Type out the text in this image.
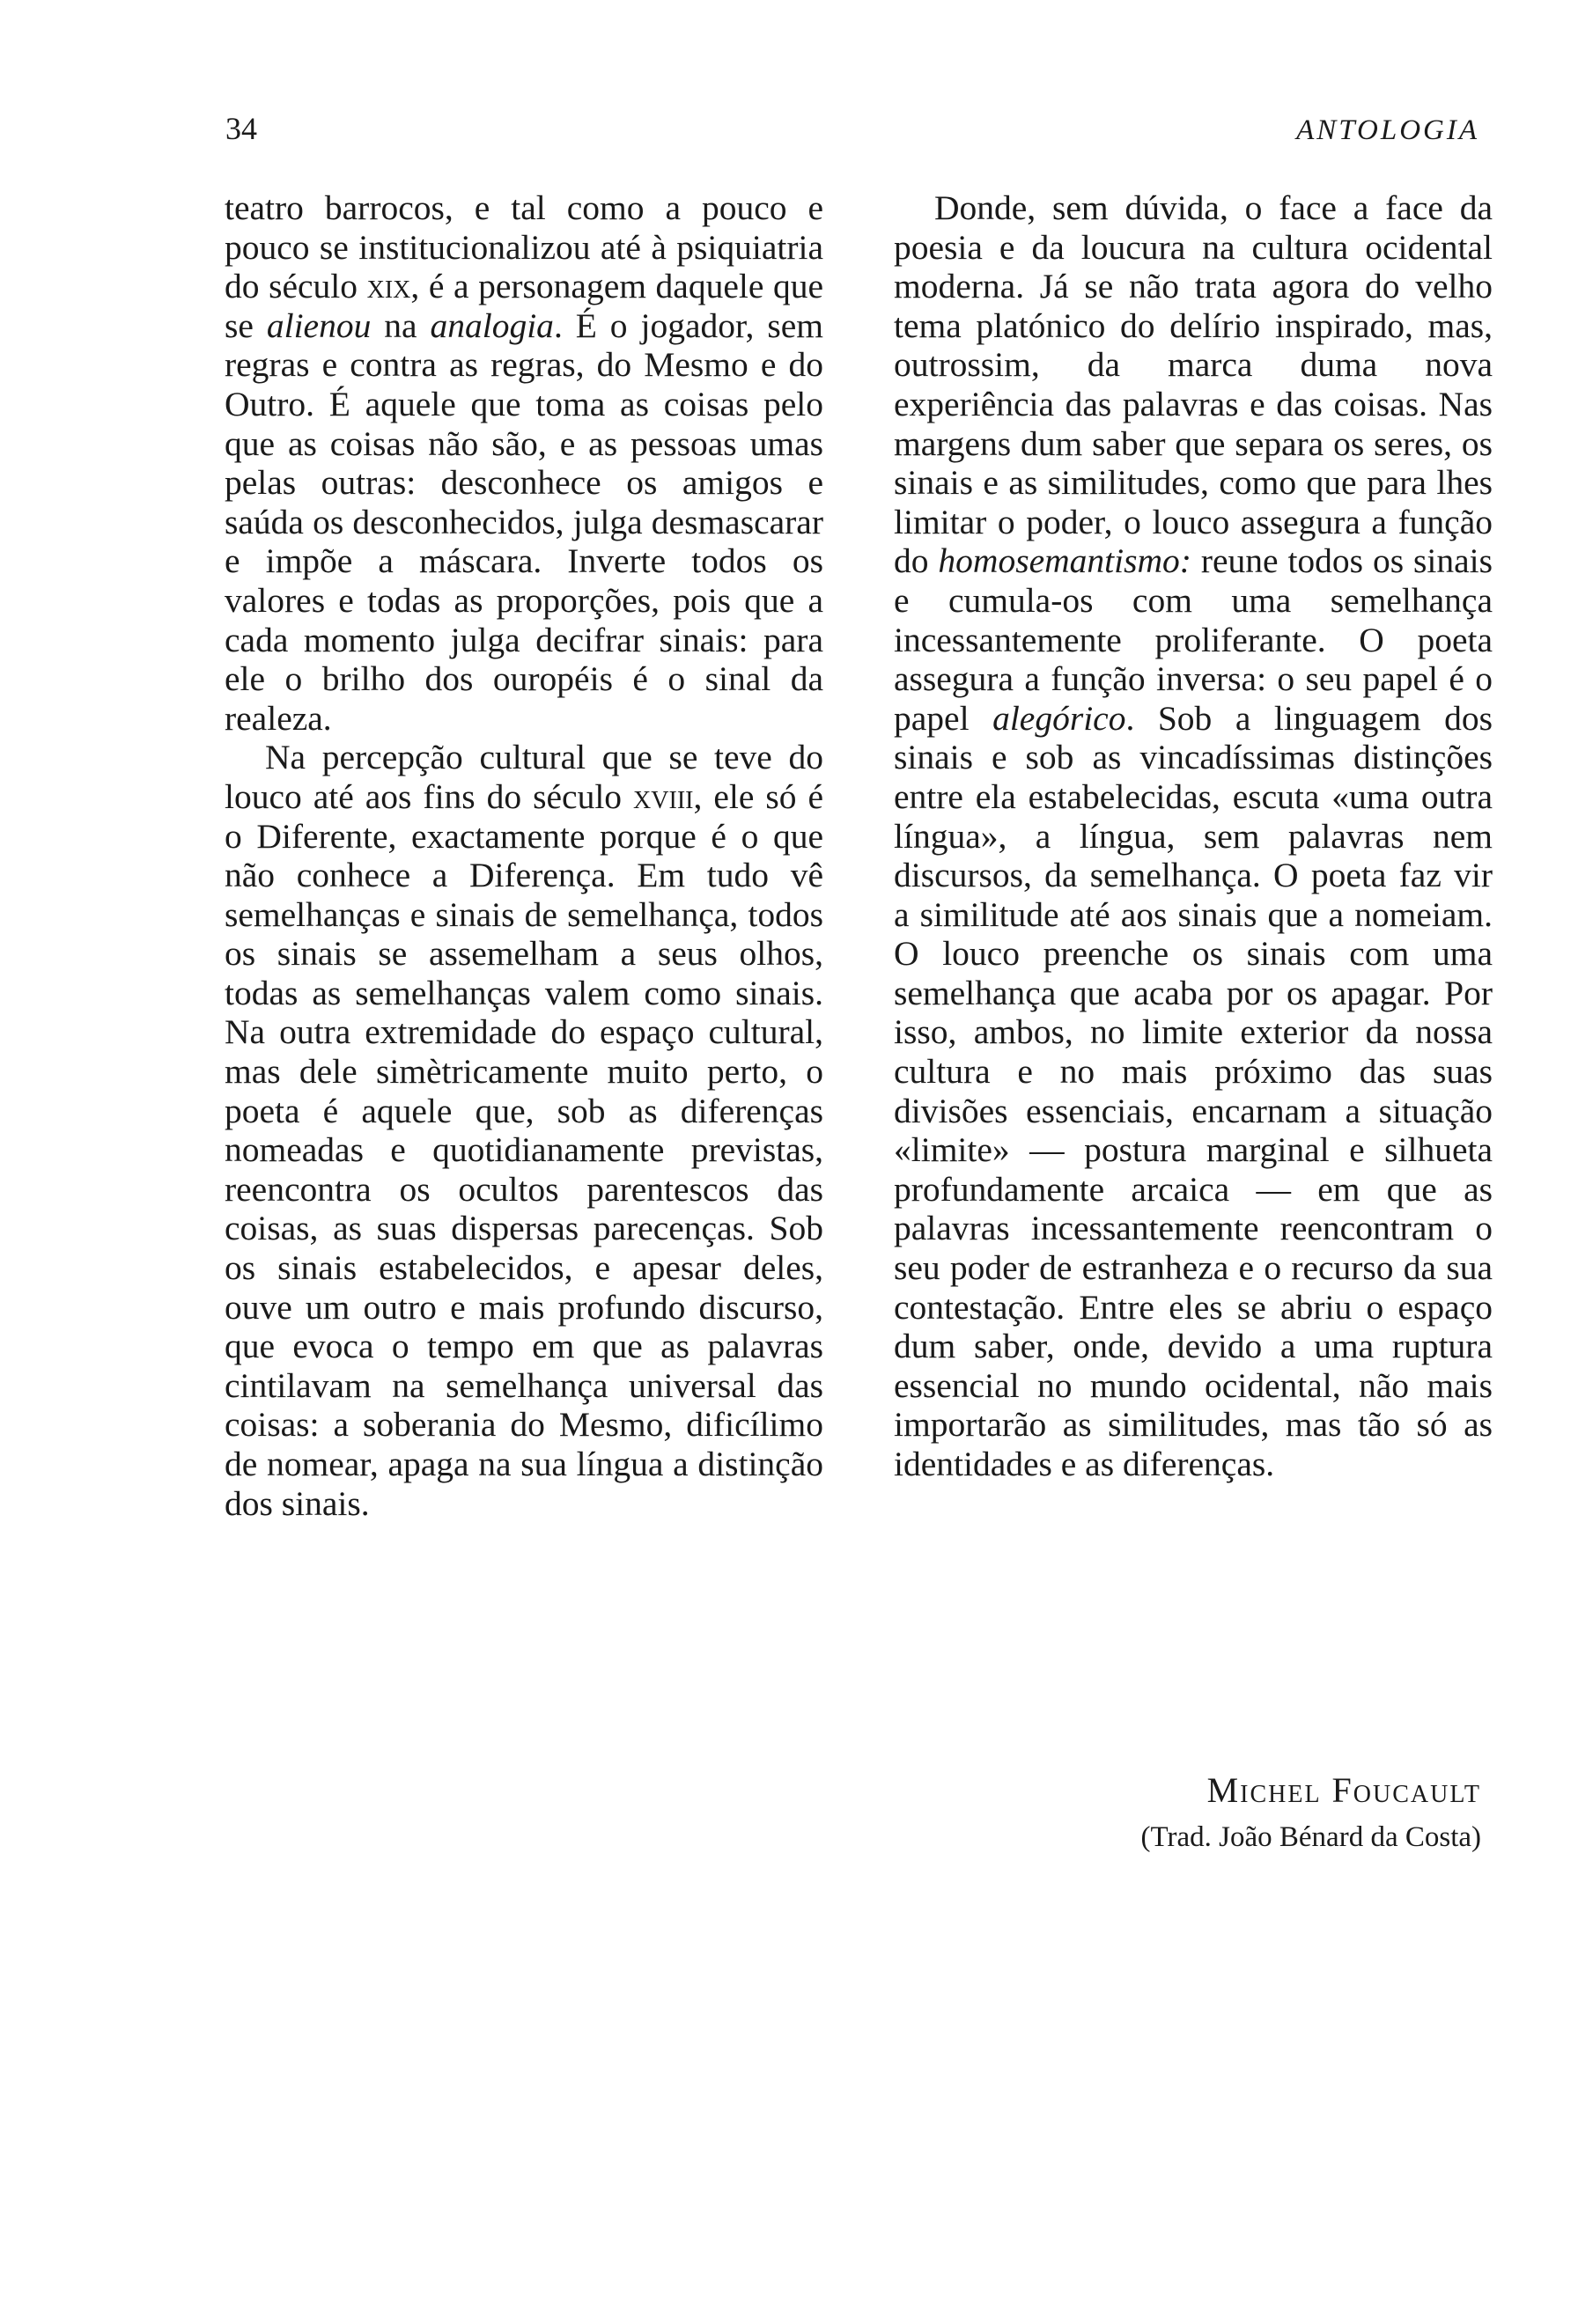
34	ANTOLOGIA

teatro barrocos, e tal como a pouco e pouco se institucionalizou até à psiquiatria do século xix, é a personagem daquele que se alienou na analogia. É o jogador, sem regras e contra as regras, do Mesmo e do Outro. É aquele que toma as coisas pelo que as coisas não são, e as pessoas umas pelas outras: desconhece os amigos e saúda os desconhecidos, julga desmascarar e impõe a máscara. Inverte todos os valores e todas as proporções, pois que a cada momento julga decifrar sinais: para ele o brilho dos ouropéis é o sinal da realeza.

Na percepção cultural que se teve do louco até aos fins do século xviii, ele só é o Diferente, exactamente porque é o que não conhece a Diferença. Em tudo vê semelhanças e sinais de semelhança, todos os sinais se assemelham a seus olhos, todas as semelhanças valem como sinais. Na outra extremidade do espaço cultural, mas dele simètricamente muito perto, o poeta é aquele que, sob as diferenças nomeadas e quotidianamente previstas, reencontra os ocultos parentescos das coisas, as suas dispersas parecenças. Sob os sinais estabelecidos, e apesar deles, ouve um outro e mais profundo discurso, que evoca o tempo em que as palavras cintilavam na semelhança universal das coisas: a soberania do Mesmo, dificílimo de nomear, apaga na sua língua a distinção dos sinais.

Donde, sem dúvida, o face a face da poesia e da loucura na cultura ocidental moderna. Já se não trata agora do velho tema platónico do delírio inspirado, mas, outrossim, da marca duma nova experiência das palavras e das coisas. Nas margens dum saber que separa os seres, os sinais e as similitudes, como que para lhes limitar o poder, o louco assegura a função do homosemantismo: reune todos os sinais e cumula-os com uma semelhança incessantemente proliferante. O poeta assegura a função inversa: o seu papel é o papel alegórico. Sob a linguagem dos sinais e sob as vincadíssimas distinções entre ela estabelecidas, escuta «uma outra língua», a língua, sem palavras nem discursos, da semelhança. O poeta faz vir a similitude até aos sinais que a nomeiam. O louco preenche os sinais com uma semelhança que acaba por os apagar. Por isso, ambos, no limite exterior da nossa cultura e no mais próximo das suas divisões essenciais, encarnam a situação «limite» — postura marginal e silhueta profundamente arcaica — em que as palavras incessantemente reencontram o seu poder de estranheza e o recurso da sua contestação. Entre eles se abriu o espaço dum saber, onde, devido a uma ruptura essencial no mundo ocidental, não mais importarão as similitudes, mas tão só as identidades e as diferenças.

Michel Foucault
(Trad. João Bénard da Costa)
